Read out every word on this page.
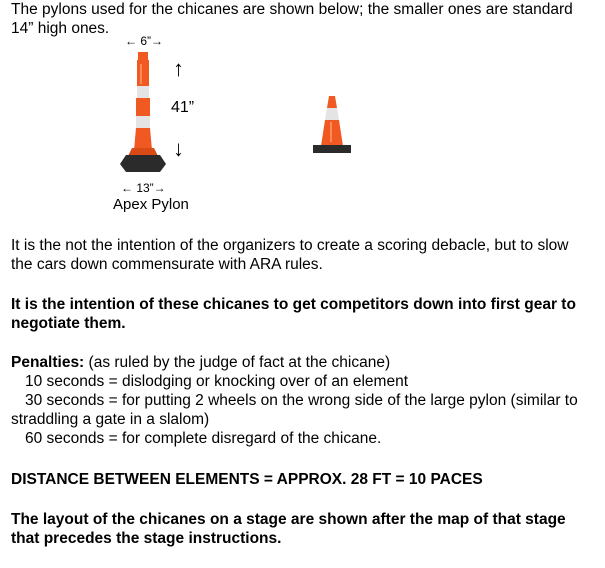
The pylons used for the chicanes are shown below; the smaller ones are standard
14” high ones.
← 6”→
↑
41”
↓
← 13”→
Apex Pylon
It is the not the intention of the organizers to create a scoring debacle, but to slow
the cars down commensurate with ARA rules.
It is the intention of these chicanes to get competitors down into first gear to
negotiate them.
Penalties: (as ruled by the judge of fact at the chicane)
10 seconds = dislodging or knocking over of an element
30 seconds = for putting 2 wheels on the wrong side of the large pylon (similar to
straddling a gate in a slalom)
60 seconds = for complete disregard of the chicane.
DISTANCE BETWEEN ELEMENTS = APPROX. 28 FT = 10 PACES
The layout of the chicanes on a stage are shown after the map of that stage
that precedes the stage instructions.
